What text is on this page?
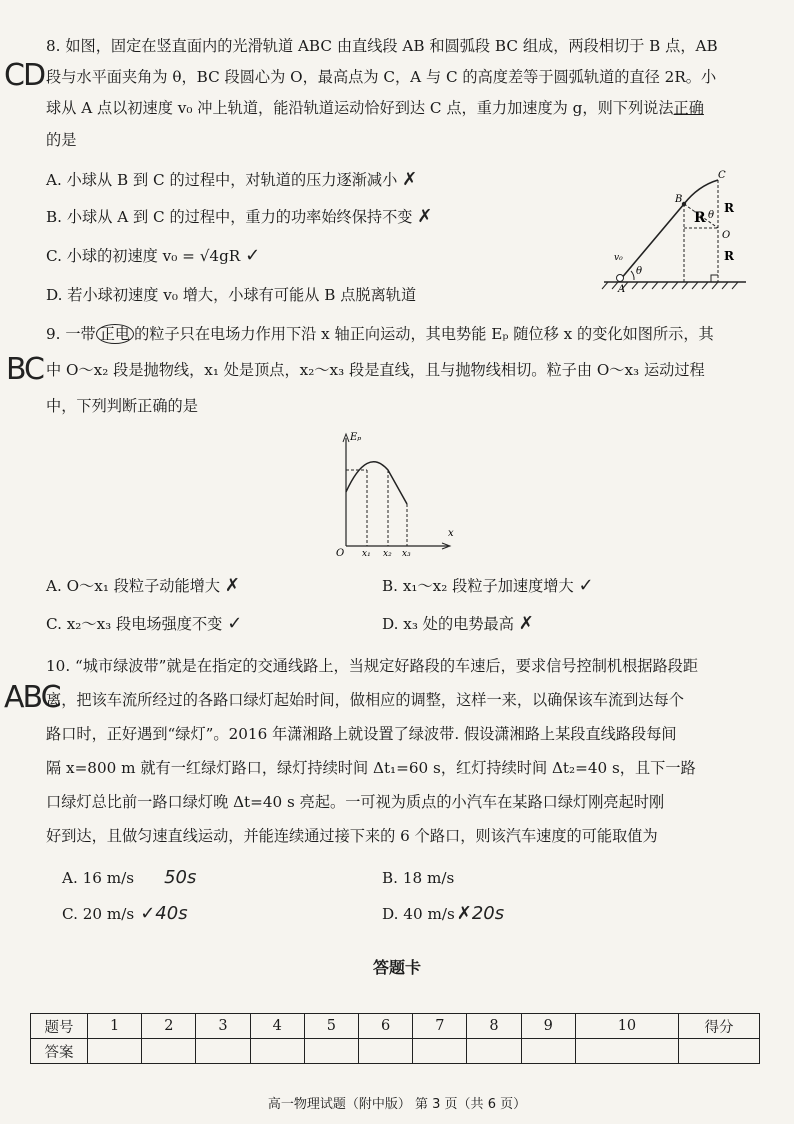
8. 如图，固定在竖直面内的光滑轨道 ABC 由直线段 AB 和圆弧段 BC 组成，两段相切于 B 点，AB
CD 段与水平面夹角为 θ，BC 段圆心为 O，最高点为 C，A 与 C 的高度差等于圆弧轨道的直径 2R。小
球从 A 点以初速度 v₀ 冲上轨道，能沿轨道运动恰好到达 C 点，重力加速度为 g，则下列说法正确
的是
A. 小球从 B 到 C 的过程中，对轨道的压力逐渐减小 ✗
B. 小球从 A 到 C 的过程中，重力的功率始终保持不变 ✗
C. 小球的初速度 v₀ = √4gR ✓
D. 若小球初速度 v₀ 增大，小球有可能从 B 点脱离轨道	A
B
C
O
θ
θ
v₀
R
R
R
9. 一带 正电 的粒子只在电场力作用下沿 x 轴正向运动，其电势能 Eₚ 随位移 x 的变化如图所示，其
BC 中 O～x₂ 段是抛物线，x₁ 处是顶点，x₂～x₃ 段是直线，且与抛物线相切。粒子由 O～x₃ 运动过程
中，下列判断正确的是
Eₚ
x
O x₁ x₂ x₃
A. O～x₁ 段粒子动能增大 ✗	B. x₁～x₂ 段粒子加速度增大 ✓
C. x₂～x₃ 段电场强度不变 ✓	D. x₃ 处的电势最高 ✗
10. “城市绿波带”就是在指定的交通线路上，当规定好路段的车速后，要求信号控制机根据路段距
ABC
离，把该车流所经过的各路口绿灯起始时间，做相应的调整，这样一来，以确保该车流到达每个
路口时，正好遇到“绿灯”。2016 年潇湘路上就设置了绿波带. 假设潇湘路上某段直线路段每间
隔 x=800 m 就有一红绿灯路口，绿灯持续时间 Δt₁=60 s，红灯持续时间 Δt₂=40 s，且下一路
口绿灯总比前一路口绿灯晚 Δt=40 s 亮起。一可视为质点的小汽车在某路口绿灯刚亮起时刚
好到达，且做匀速直线运动，并能连续通过接下来的 6 个路口，则该汽车速度的可能取值为
A. 16 m/s 50s	B. 18 m/s
C. 20 m/s ✓40s	D. 40 m/s ✗20s
答题卡
题号	1	2	3	4	5	6	7	8	9	10	得分
答案											
高一物理试题（附中版） 第 3 页（共 6 页）
